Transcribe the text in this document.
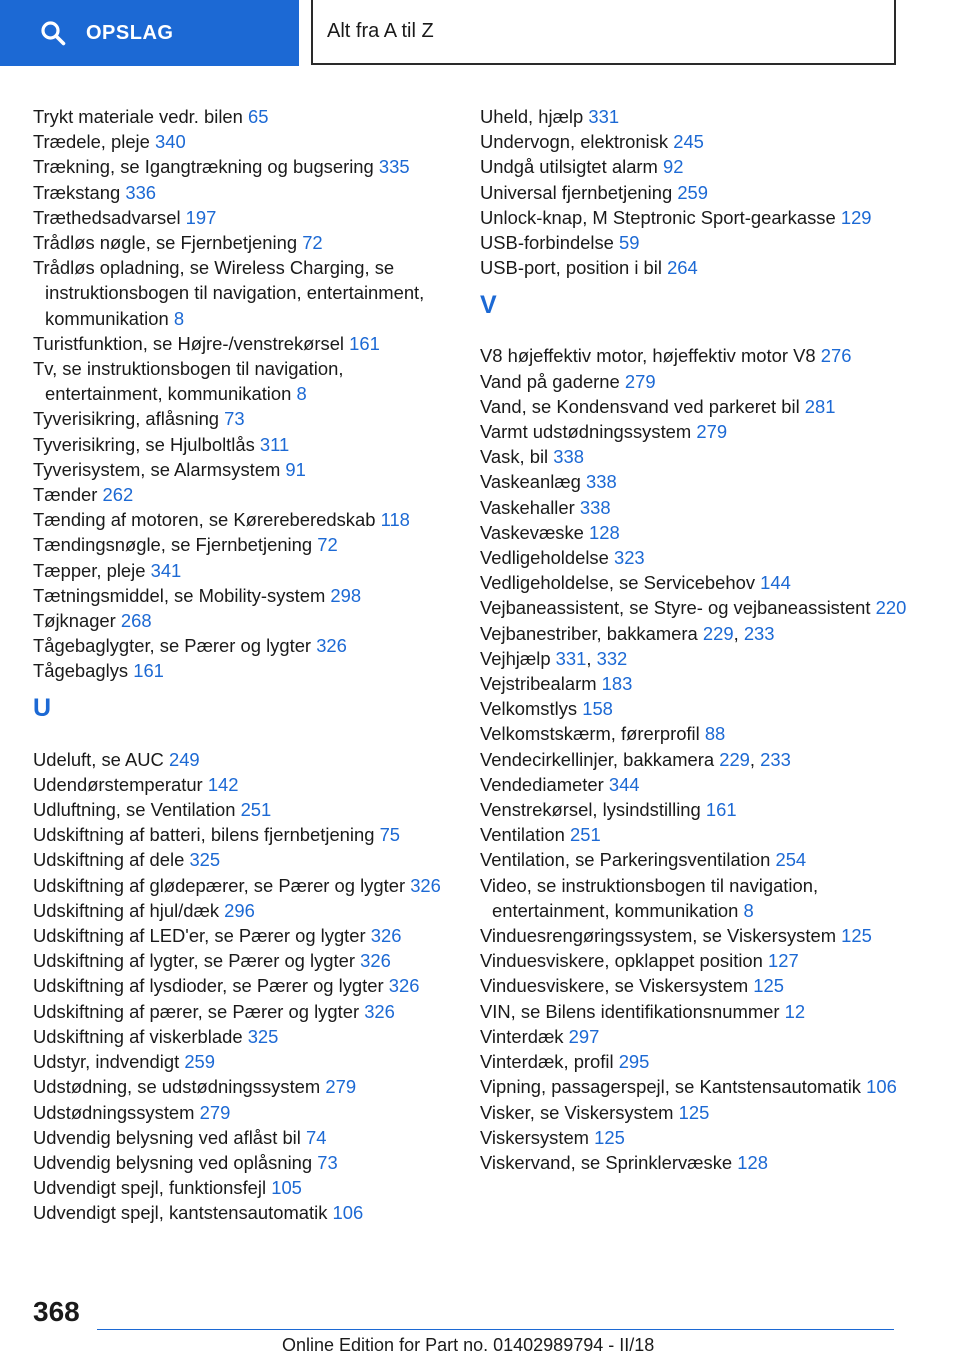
OPSLAG	Alt fra A til Z
Trykt materiale vedr. bilen 65
Trædele, pleje 340
Trækning, se Igangtrækning og bugsering 335
Trækstang 336
Træthedsadvarsel 197
Trådløs nøgle, se Fjernbetjening 72
Trådløs opladning, se Wireless Charging, se instruktionsbogen til navigation, entertainment, kommunikation 8
Turistfunktion, se Højre-/venstrekørsel 161
Tv, se instruktionsbogen til navigation, entertainment, kommunikation 8
Tyverisikring, aflåsning 73
Tyverisikring, se Hjulboltlås 311
Tyverisystem, se Alarmsystem 91
Tænder 262
Tænding af motoren, se Kørereberedskab 118
Tændingsnøgle, se Fjernbetjening 72
Tæpper, pleje 341
Tætningsmiddel, se Mobility-system 298
Tøjknager 268
Tågebaglygter, se Pærer og lygter 326
Tågebaglys 161
U
Udeluft, se AUC 249
Udendørstemperatur 142
Udluftning, se Ventilation 251
Udskiftning af batteri, bilens fjernbetjening 75
Udskiftning af dele 325
Udskiftning af glødepærer, se Pærer og lygter 326
Udskiftning af hjul/dæk 296
Udskiftning af LED'er, se Pærer og lygter 326
Udskiftning af lygter, se Pærer og lygter 326
Udskiftning af lysdioder, se Pærer og lygter 326
Udskiftning af pærer, se Pærer og lygter 326
Udskiftning af viskerblade 325
Udstyr, indvendigt 259
Udstødning, se udstødningssystem 279
Udstødningssystem 279
Udvendig belysning ved aflåst bil 74
Udvendig belysning ved oplåsning 73
Udvendigt spejl, funktionsfejl 105
Udvendigt spejl, kantstensautomatik 106
Uheld, hjælp 331
Undervogn, elektronisk 245
Undgå utilsigtet alarm 92
Universal fjernbetjening 259
Unlock-knap, M Steptronic Sport-gearkasse 129
USB-forbindelse 59
USB-port, position i bil 264
V
V8 højeffektiv motor, højeffektiv motor V8 276
Vand på gaderne 279
Vand, se Kondensvand ved parkeret bil 281
Varmt udstødningssystem 279
Vask, bil 338
Vaskeanlæg 338
Vaskehaller 338
Vaskevæske 128
Vedligeholdelse 323
Vedligeholdelse, se Servicebehov 144
Vejbaneassistent, se Styre- og vejbaneassistent 220
Vejbanestriber, bakkamera 229, 233
Vejhjælp 331, 332
Vejstribealarm 183
Velkomstlys 158
Velkomstskærm, førerprofil 88
Vendecirkellinjer, bakkamera 229, 233
Vendediameter 344
Venstrekørsel, lysindstilling 161
Ventilation 251
Ventilation, se Parkeringsventilation 254
Video, se instruktionsbogen til navigation, entertainment, kommunikation 8
Vinduesrengøringssystem, se Viskersystem 125
Vinduesviskere, opklappet position 127
Vinduesviskere, se Viskersystem 125
VIN, se Bilens identifikationsnummer 12
Vinterdæk 297
Vinterdæk, profil 295
Vipning, passagerspejl, se Kantstensautomatik 106
Visker, se Viskersystem 125
Viskersystem 125
Viskervand, se Sprinklervæske 128
368
Online Edition for Part no. 01402989794 - II/18
